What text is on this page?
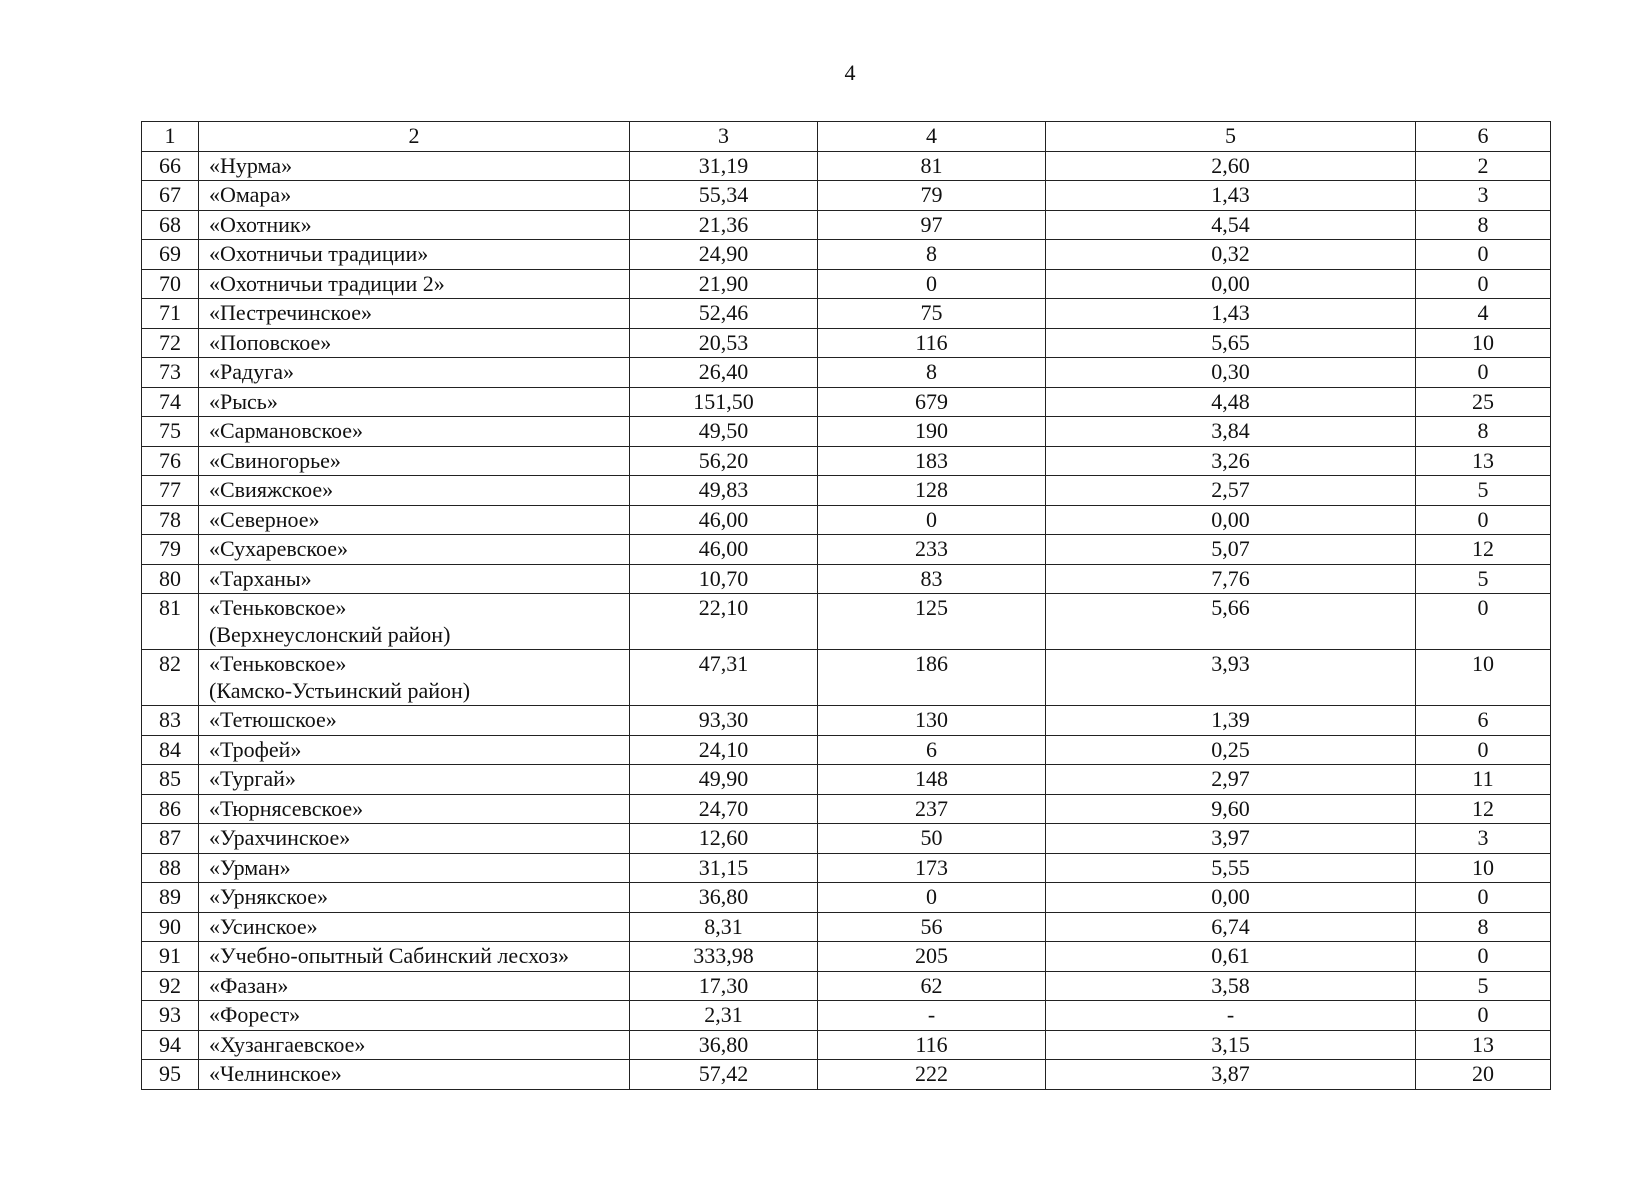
4
1	2	3	4	5	6
66	«Нурма»	31,19	81	2,60	2
67	«Омара»	55,34	79	1,43	3
68	«Охотник»	21,36	97	4,54	8
69	«Охотничьи традиции»	24,90	8	0,32	0
70	«Охотничьи традиции 2»	21,90	0	0,00	0
71	«Пестречинское»	52,46	75	1,43	4
72	«Поповское»	20,53	116	5,65	10
73	«Радуга»	26,40	8	0,30	0
74	«Рысь»	151,50	679	4,48	25
75	«Сармановское»	49,50	190	3,84	8
76	«Свиногорье»	56,20	183	3,26	13
77	«Свияжское»	49,83	128	2,57	5
78	«Северное»	46,00	0	0,00	0
79	«Сухаревское»	46,00	233	5,07	12
80	«Тарханы»	10,70	83	7,76	5
81	«Теньковское»
(Верхнеуслонский район)	22,10	125	5,66	0
82	«Теньковское»
(Камско-Устьинский район)	47,31	186	3,93	10
83	«Тетюшское»	93,30	130	1,39	6
84	«Трофей»	24,10	6	0,25	0
85	«Тургай»	49,90	148	2,97	11
86	«Тюрнясевское»	24,70	237	9,60	12
87	«Урахчинское»	12,60	50	3,97	3
88	«Урман»	31,15	173	5,55	10
89	«Урнякское»	36,80	0	0,00	0
90	«Усинское»	8,31	56	6,74	8
91	«Учебно-опытный Сабинский лесхоз»	333,98	205	0,61	0
92	«Фазан»	17,30	62	3,58	5
93	«Форест»	2,31	-	-	0
94	«Хузангаевское»	36,80	116	3,15	13
95	«Челнинское»	57,42	222	3,87	20
